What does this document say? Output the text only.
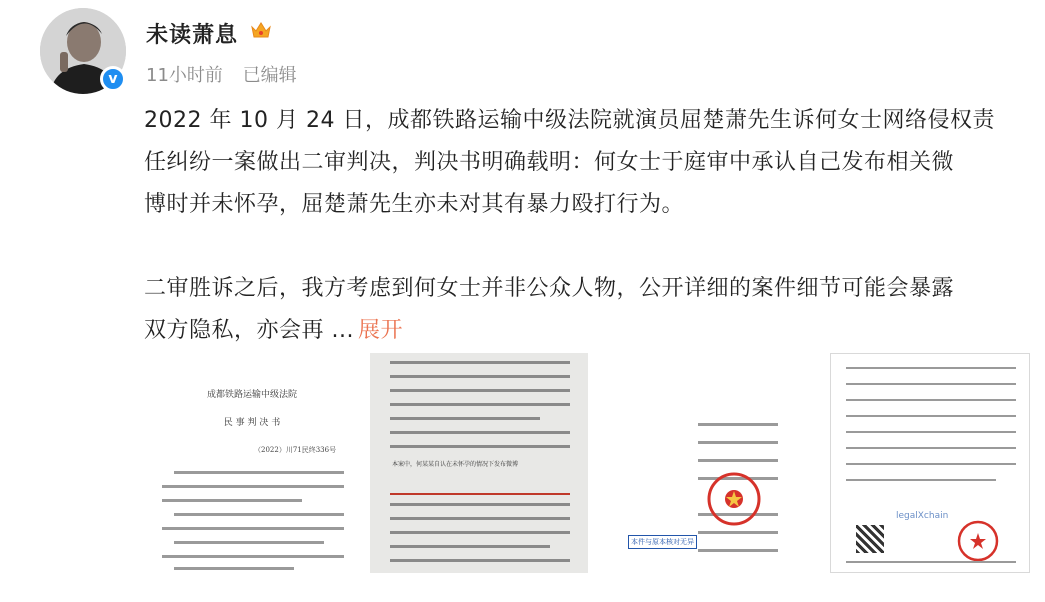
v
未读萧息
11小时前 已编辑

2022 年 10 月 24 日，成都铁路运输中级法院就演员屈楚萧先生诉何女士网络侵权责

任纠纷一案做出二审判决，判决书明确载明：何女士于庭审中承认自己发布相关微

博时并未怀孕，屈楚萧先生亦未对其有暴力殴打行为。

二审胜诉之后，我方考虑到何女士并非公众人物，公开详细的案件细节可能会暴露

双方隐私，亦会再 ... 展开

成都铁路运输中级法院
民 事 判 决 书
（2022）川71民终336号
本案中，何某某自认在未怀孕的情况下发布微博
本件与原本核对无异
legalXchain
